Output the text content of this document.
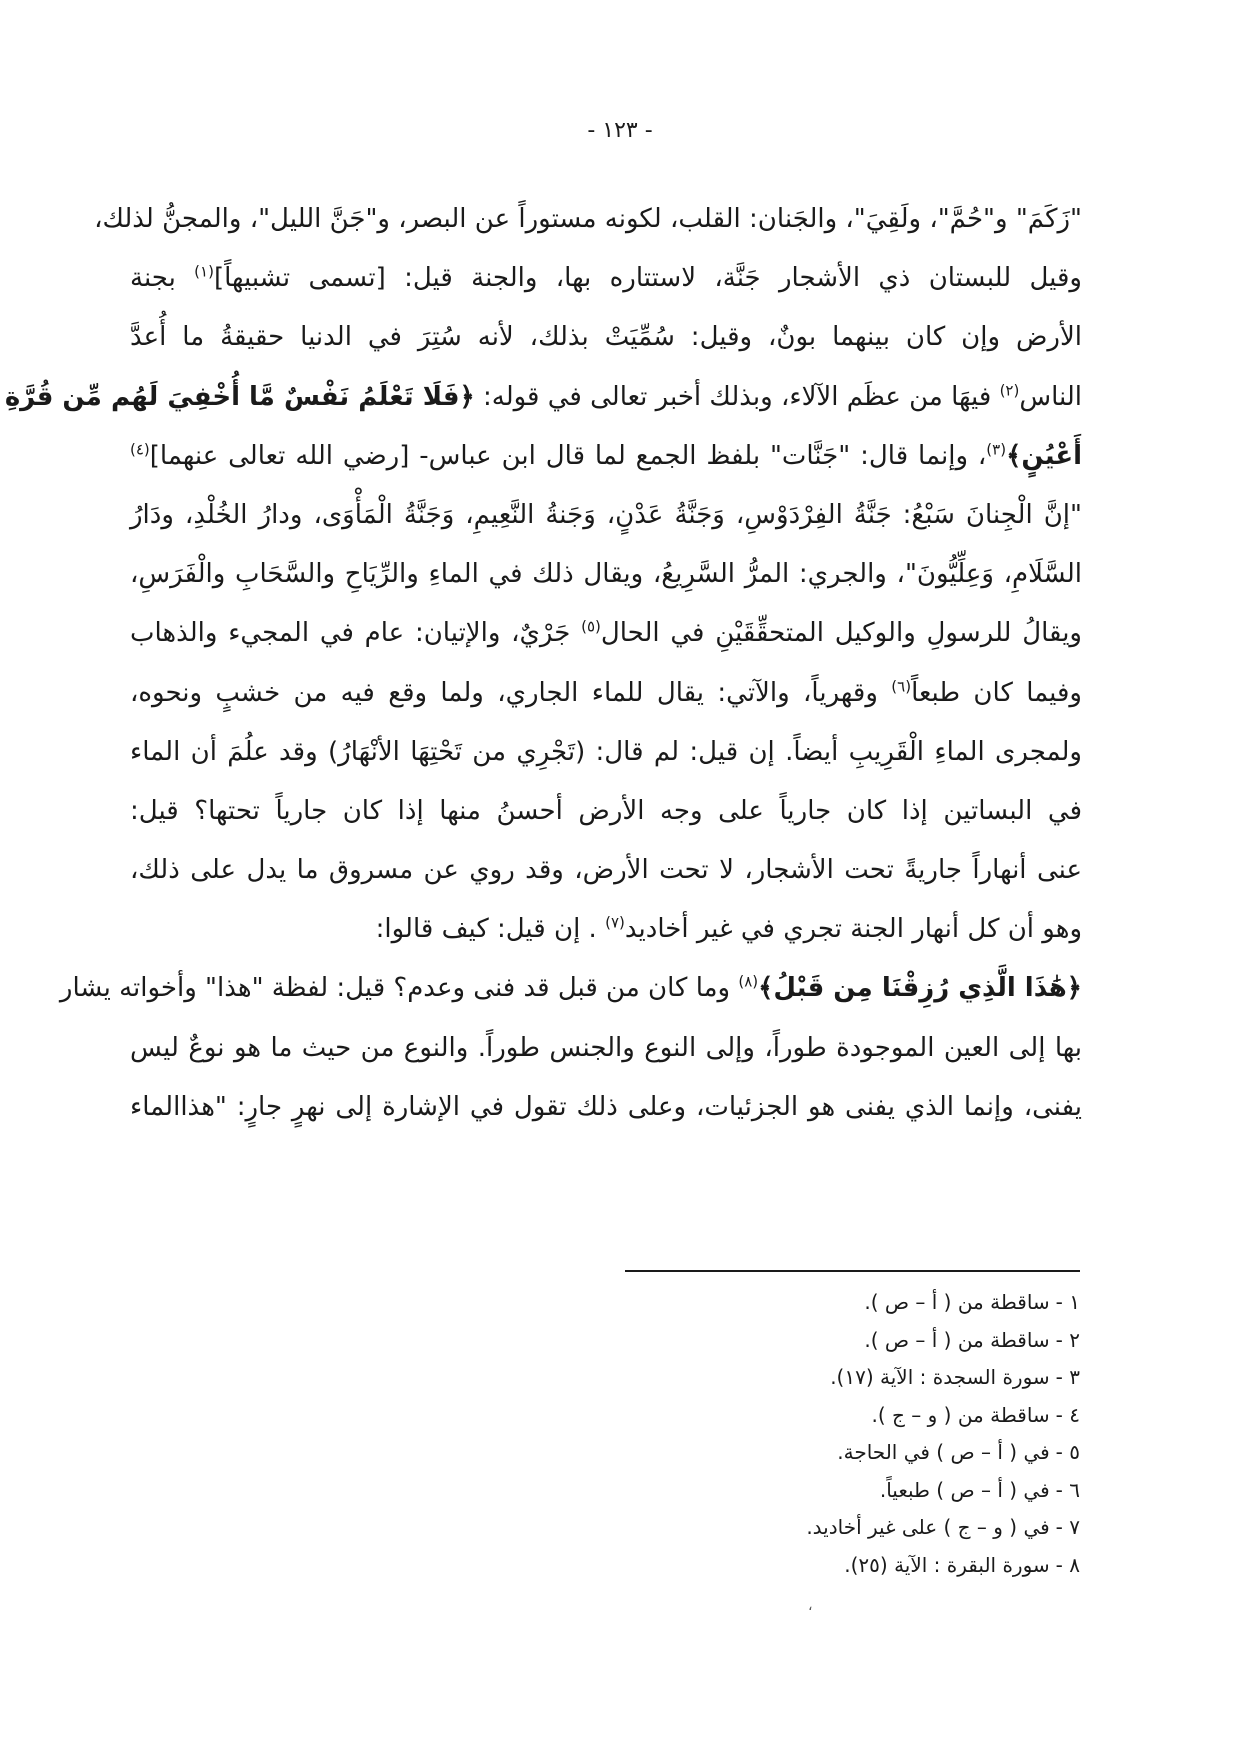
- ١٢٣ -

"زَكَمَ" و"حُمَّ"، ولَقِيَ"، والجَنان: القلب، لكونه مستوراً عن البصر، و"جَنَّ الليل"، والمجنُّ لذلك،

وقيل للبستان ذي الأشجار جَنَّة، لاستتاره بها، والجنة قيل: [تسمى تشبيهاً]$^{(١)}$ بجنة

الأرض وإن كان بينهما بونٌ، وقيل: سُمِّيَتْ بذلك، لأنه سُتِرَ في الدنيا حقيقةُ ما أُعدَّ

الناس$^{(٢)}$ فيهَا من عظَم الآلاء، وبذلك أخبر تعالى في قوله: ﴿فَلَا تَعْلَمُ نَفْسٌ مَّا أُخْفِيَ لَهُم مِّن قُرَّةِ

أَعْيُنٍ﴾$^{(٣)}$، وإنما قال: "جَنَّات" بلفظ الجمع لما قال ابن عباس- [رضي الله تعالى عنهما]$^{(٤)}$

"إنَّ الْجِنانَ سَبْعُ: جَنَّةُ الفِرْدَوْسِ، وَجَنَّةُ عَدْنٍ، وَجَنةُ النَّعِيمِ، وَجَنَّةُ الْمَأْوَى، ودارُ الخُلْدِ، ودَارُ

السَّلَامِ، وَعِلِّيُّونَ"، والجري: المرُّ السَّرِيعُ، ويقال ذلك في الماءِ والرِّيَاحِ والسَّحَابِ والْفَرَسِ،

ويقالُ للرسولِ والوكيل المتحقِّقَيْنِ في الحال$^{(٥)}$ جَرْيٌ، والإتيان: عام في المجيء والذهاب

وفيما كان طبعاً$^{(٦)}$ وقهرياً، والآتي: يقال للماء الجاري، ولما وقع فيه من خشبٍ ونحوه،

ولمجرى الماءِ الْقَرِيبِ أيضاً. إن قيل: لم قال: (تَجْرِي من تَحْتِهَا الأنْهَارُ) وقد علُمَ أن الماء

في البساتين إذا كان جارياً على وجه الأرض أحسنُ منها إذا كان جارياً تحتها؟ قيل:

عنى أنهاراً جاريةً تحت الأشجار، لا تحت الأرض، وقد روي عن مسروق ما يدل على ذلك،

وهو أن كل أنهار الجنة تجري في غير أخاديد$^{(٧)}$ . إن قيل: كيف قالوا:

﴿هَٰذَا الَّذِي رُزِقْنَا مِن قَبْلُ﴾$^{(٨)}$ وما كان من قبل قد فنى وعدم؟ قيل: لفظة "هذا" وأخواته يشار

بها إلى العين الموجودة طوراً، وإلى النوع والجنس طوراً. والنوع من حيث ما هو نوعٌ ليس

يفنى، وإنما الذي يفنى هو الجزئيات، وعلى ذلك تقول في الإشارة إلى نهرٍ جارٍ: "هذاالماء

١ -ساقطة من ( أ – ص ).
٢ -ساقطة من ( أ – ص ).
٣ -سورة السجدة : الآية (١٧).
٤ -ساقطة من ( و – ج ).
٥ -في ( أ – ص ) في الحاجة.
٦ -في ( أ – ص ) طبعياً.
٧ -في ( و – ج ) على غير أخاديد.
٨ -سورة البقرة : الآية (٢٥).
،
